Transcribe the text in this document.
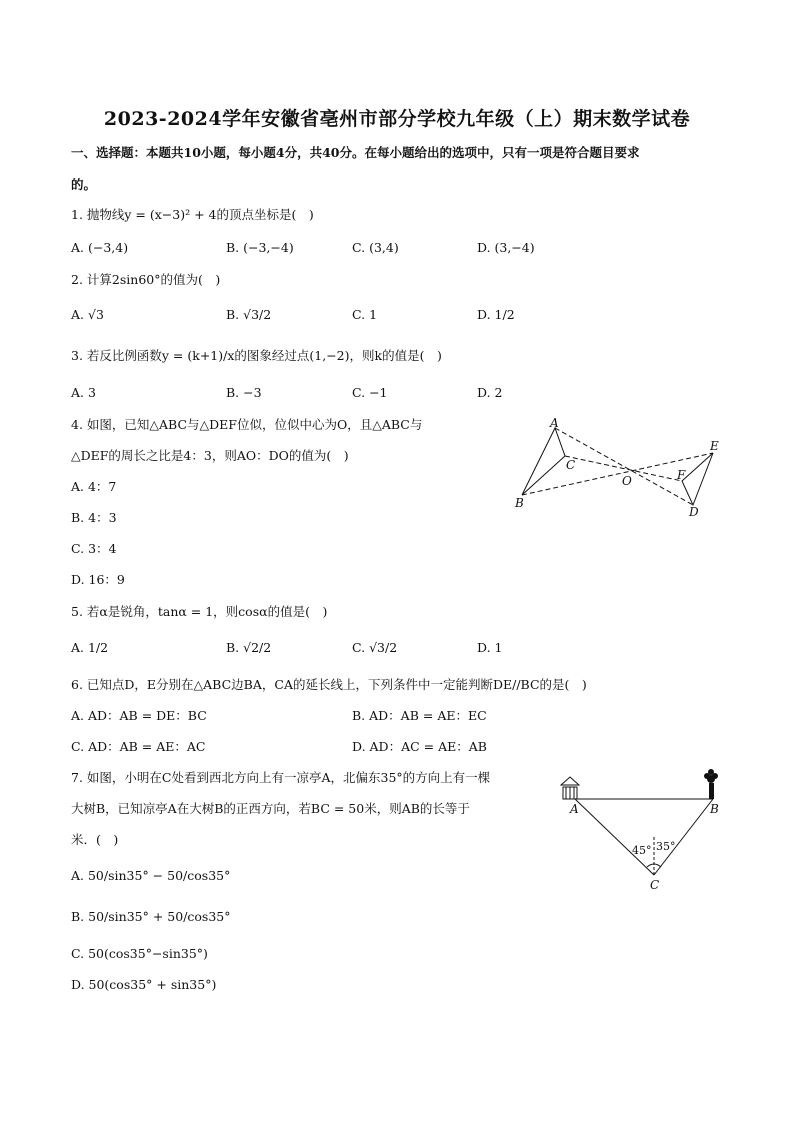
2023-2024学年安徽省亳州市部分学校九年级（上）期末数学试卷
一、选择题：本题共10小题，每小题4分，共40分。在每小题给出的选项中，只有一项是符合题目要求
的。
1. 抛物线y = (x−3)² + 4的顶点坐标是(　)
A. (−3,4)	B. (−3,−4)	C. (3,4)	D. (3,−4)
2. 计算2sin60°的值为(　)
A. √3	B. √3/2	C. 1	D. 1/2
3. 若反比例函数y = (k+1)/x的图象经过点(1,−2)，则k的值是(　)
A. 3	B. −3	C. −1	D. 2
4. 如图，已知△ABC与△DEF位似，位似中心为O，且△ABC与
△DEF的周长之比是4：3，则AO：DO的值为(　)
A. 4：7
B. 4：3
C. 3：4
D. 16：9
A
B
C
O
D
E
F
5. 若α是锐角，tanα = 1，则cosα的值是(　)
A. 1/2	B. √2/2	C. √3/2	D. 1
6. 已知点D，E分别在△ABC边BA，CA的延长线上，下列条件中一定能判断DE//BC的是(　)
A. AD：AB = DE：BC	B. AD：AB = AE：EC
C. AD：AB = AE：AC	D. AD：AC = AE：AB
7. 如图，小明在C处看到西北方向上有一凉亭A，北偏东35°的方向上有一棵
大树B，已知凉亭A在大树B的正西方向，若BC = 50米，则AB的长等于
米．(　)
A. 50/sin35° − 50/cos35°
B. 50/sin35° + 50/cos35°
C. 50(cos35°−sin35°)
D. 50(cos35° + sin35°)
A	B
C
45° 35°
